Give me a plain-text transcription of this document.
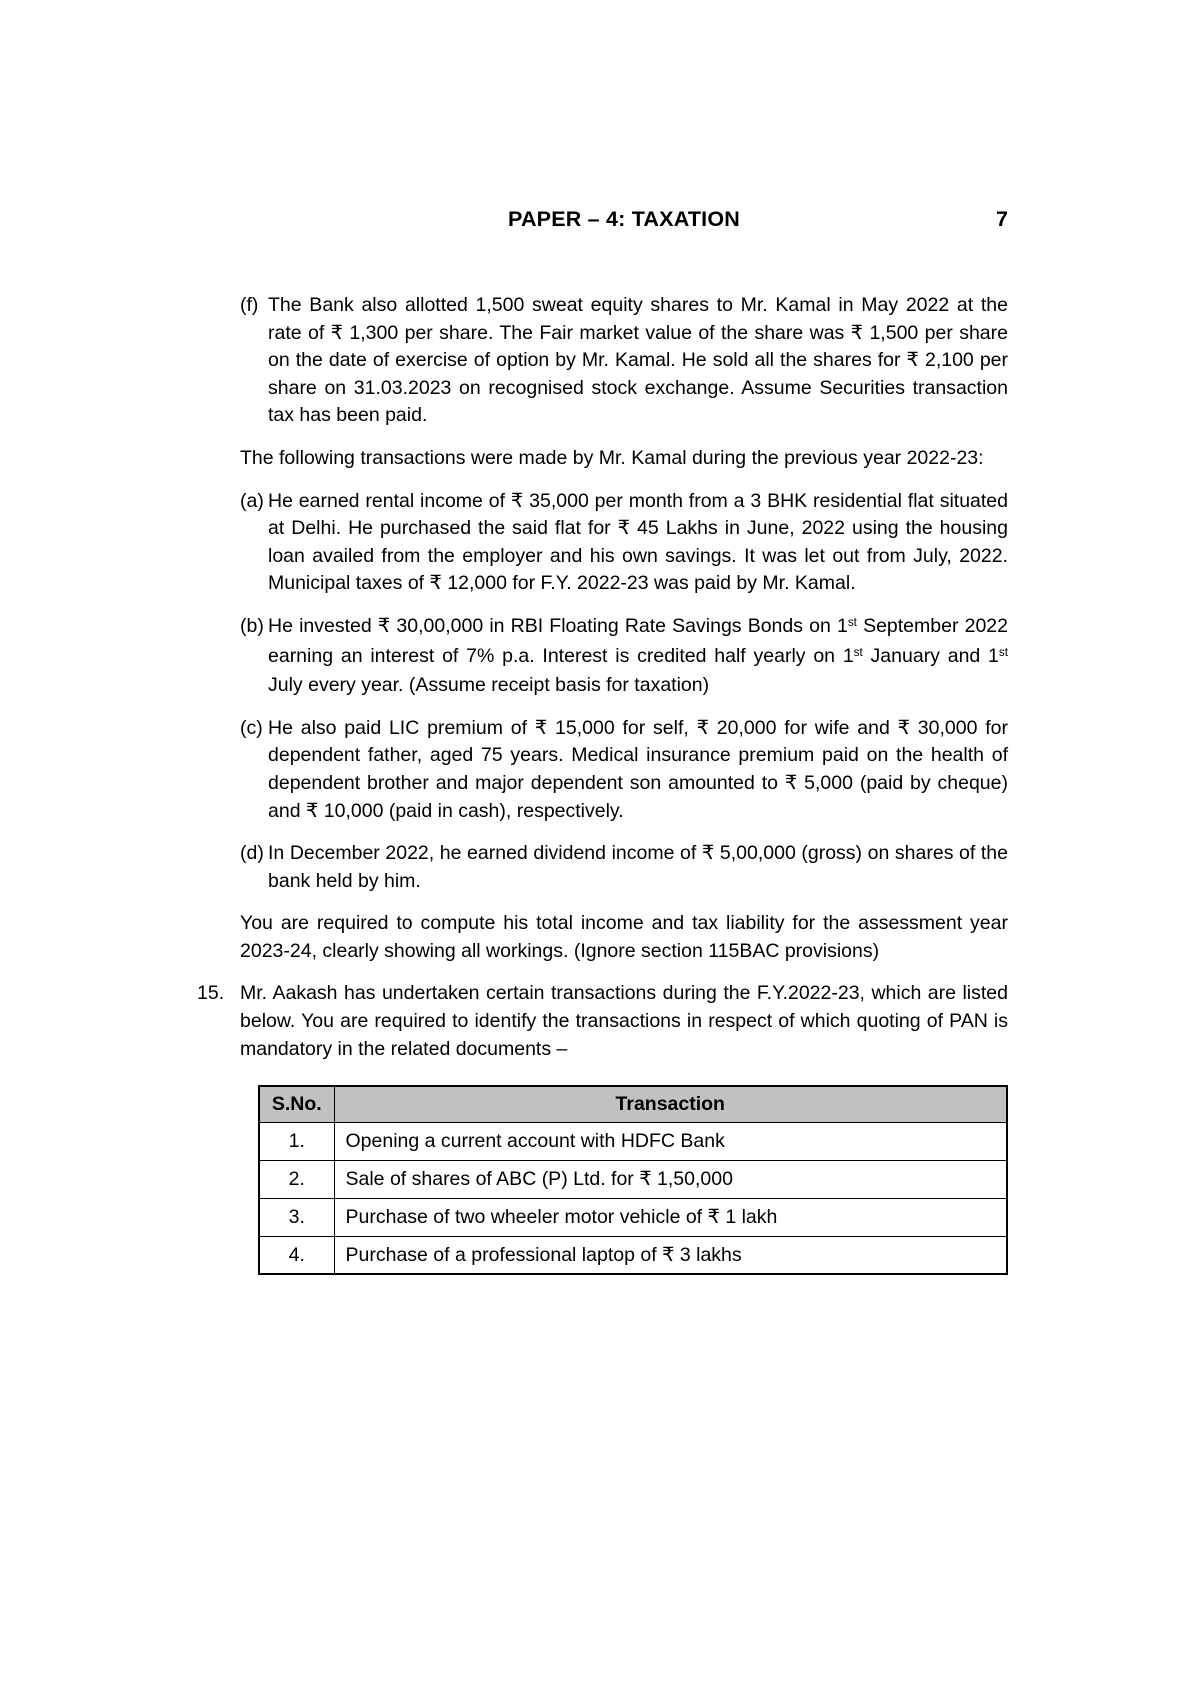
PAPER – 4: TAXATION	7
(f) The Bank also allotted 1,500 sweat equity shares to Mr. Kamal in May 2022 at the rate of ₹ 1,300 per share. The Fair market value of the share was ₹ 1,500 per share on the date of exercise of option by Mr. Kamal. He sold all the shares for ₹ 2,100 per share on 31.03.2023 on recognised stock exchange. Assume Securities transaction tax has been paid.
The following transactions were made by Mr. Kamal during the previous year 2022-23:
(a) He earned rental income of ₹ 35,000 per month from a 3 BHK residential flat situated at Delhi. He purchased the said flat for ₹ 45 Lakhs in June, 2022 using the housing loan availed from the employer and his own savings. It was let out from July, 2022. Municipal taxes of ₹ 12,000 for F.Y. 2022-23 was paid by Mr. Kamal.
(b) He invested ₹ 30,00,000 in RBI Floating Rate Savings Bonds on 1st September 2022 earning an interest of 7% p.a. Interest is credited half yearly on 1st January and 1st July every year. (Assume receipt basis for taxation)
(c) He also paid LIC premium of ₹ 15,000 for self, ₹ 20,000 for wife and ₹ 30,000 for dependent father, aged 75 years. Medical insurance premium paid on the health of dependent brother and major dependent son amounted to ₹ 5,000 (paid by cheque) and ₹ 10,000 (paid in cash), respectively.
(d) In December 2022, he earned dividend income of ₹ 5,00,000 (gross) on shares of the bank held by him.
You are required to compute his total income and tax liability for the assessment year 2023-24, clearly showing all workings. (Ignore section 115BAC provisions)
15. Mr. Aakash has undertaken certain transactions during the F.Y.2022-23, which are listed below. You are required to identify the transactions in respect of which quoting of PAN is mandatory in the related documents –
S.No.	Transaction
1.	Opening a current account with HDFC Bank
2.	Sale of shares of ABC (P) Ltd. for ₹ 1,50,000
3.	Purchase of two wheeler motor vehicle of ₹ 1 lakh
4.	Purchase of a professional laptop of ₹ 3 lakhs
